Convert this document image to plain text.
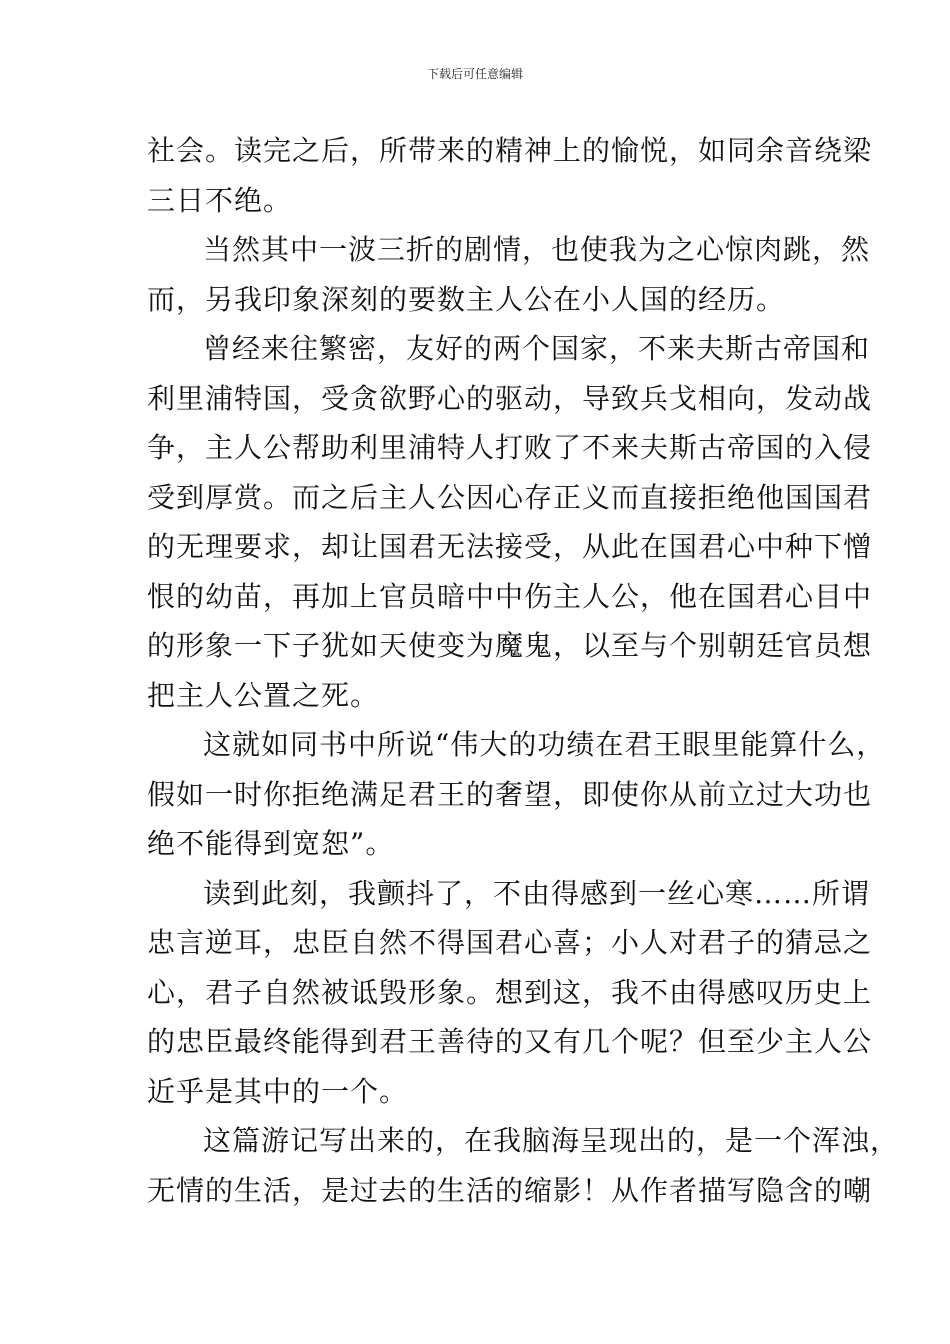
下载后可任意编辑
社会。读完之后，所带来的精神上的愉悦，如同余音绕梁
三日不绝。
当然其中一波三折的剧情，也使我为之心惊肉跳，然
而，另我印象深刻的要数主人公在小人国的经历。
曾经来往繁密，友好的两个国家，不来夫斯古帝国和
利里浦特国，受贪欲野心的驱动，导致兵戈相向，发动战
争，主人公帮助利里浦特人打败了不来夫斯古帝国的入侵
受到厚赏。而之后主人公因心存正义而直接拒绝他国国君
的无理要求，却让国君无法接受，从此在国君心中种下憎
恨的幼苗，再加上官员暗中中伤主人公，他在国君心目中
的形象一下子犹如天使变为魔鬼，以至与个别朝廷官员想
把主人公置之死。
这就如同书中所说“伟大的功绩在君王眼里能算什么，
假如一时你拒绝满足君王的奢望，即使你从前立过大功也
绝不能得到宽恕”。
读到此刻，我颤抖了，不由得感到一丝心寒……所谓
忠言逆耳，忠臣自然不得国君心喜；小人对君子的猜忌之
心，君子自然被诋毁形象。想到这，我不由得感叹历史上
的忠臣最终能得到君王善待的又有几个呢？但至少主人公
近乎是其中的一个。
这篇游记写出来的，在我脑海呈现出的，是一个浑浊，
无情的生活，是过去的生活的缩影！从作者描写隐含的嘲
